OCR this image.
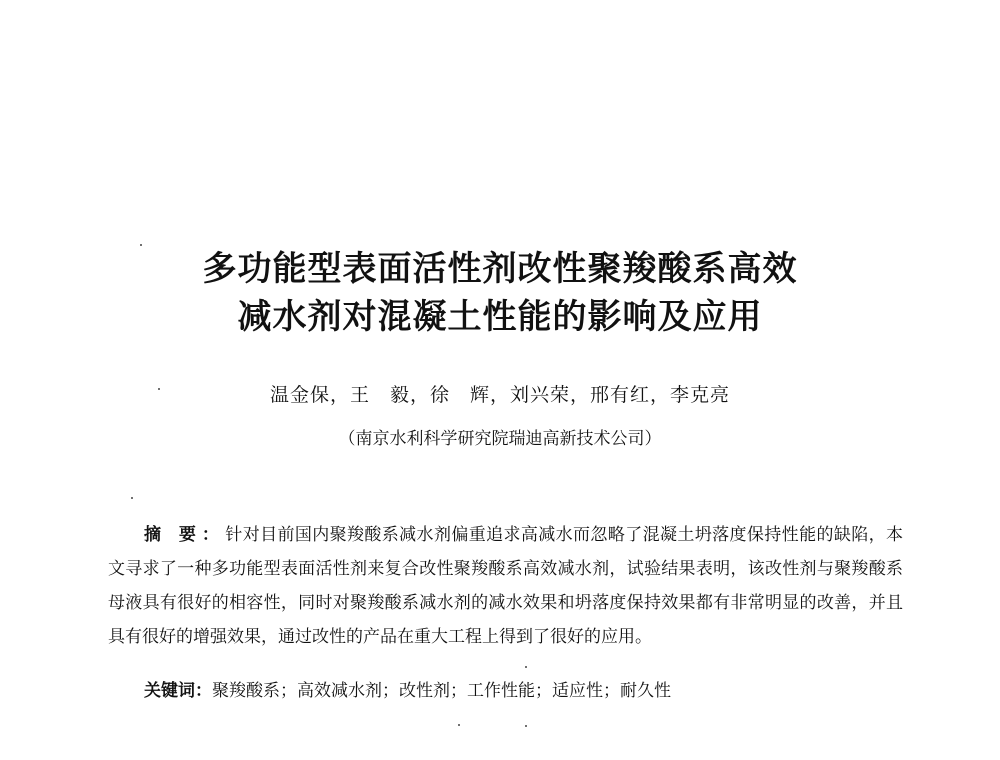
多功能型表面活性剂改性聚羧酸系高效
减水剂对混凝土性能的影响及应用

温金保，王　毅，徐　辉，刘兴荣，邢有红，李克亮

（南京水利科学研究院瑞迪高新技术公司）

摘 要：针对目前国内聚羧酸系减水剂偏重追求高减水而忽略了混凝土坍落度保持性能的缺陷，本文寻求了一种多功能型表面活性剂来复合改性聚羧酸系高效减水剂，试验结果表明，该改性剂与聚羧酸系母液具有很好的相容性，同时对聚羧酸系减水剂的减水效果和坍落度保持效果都有非常明显的改善，并且具有很好的增强效果，通过改性的产品在重大工程上得到了很好的应用。

关键词：聚羧酸系；高效减水剂；改性剂；工作性能；适应性；耐久性
